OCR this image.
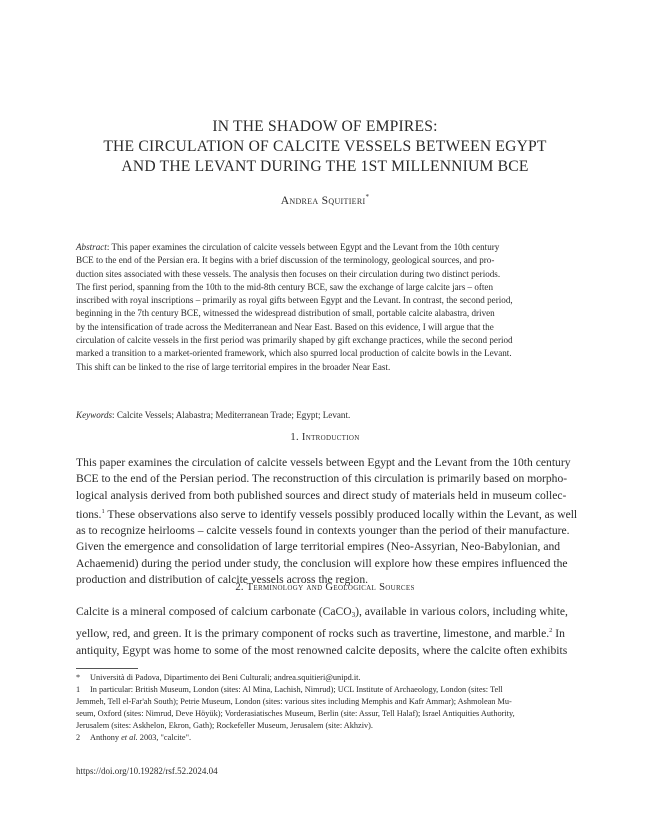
IN THE SHADOW OF EMPIRES:
THE CIRCULATION OF CALCITE VESSELS BETWEEN EGYPT
AND THE LEVANT DURING THE 1ST MILLENNIUM BCE
Andrea Squitieri*
Abstract: This paper examines the circulation of calcite vessels between Egypt and the Levant from the 10th century
BCE to the end of the Persian era. It begins with a brief discussion of the terminology, geological sources, and pro-
duction sites associated with these vessels. The analysis then focuses on their circulation during two distinct periods.
The first period, spanning from the 10th to the mid-8th century BCE, saw the exchange of large calcite jars – often
inscribed with royal inscriptions – primarily as royal gifts between Egypt and the Levant. In contrast, the second period,
beginning in the 7th century BCE, witnessed the widespread distribution of small, portable calcite alabastra, driven
by the intensification of trade across the Mediterranean and Near East. Based on this evidence, I will argue that the
circulation of calcite vessels in the first period was primarily shaped by gift exchange practices, while the second period
marked a transition to a market-oriented framework, which also spurred local production of calcite bowls in the Levant.
This shift can be linked to the rise of large territorial empires in the broader Near East.
Keywords: Calcite Vessels; Alabastra; Mediterranean Trade; Egypt; Levant.
1. Introduction
This paper examines the circulation of calcite vessels between Egypt and the Levant from the 10th century
BCE to the end of the Persian period. The reconstruction of this circulation is primarily based on morpho-
logical analysis derived from both published sources and direct study of materials held in museum collec-
tions.$^1$ These observations also serve to identify vessels possibly produced locally within the Levant, as well
as to recognize heirlooms – calcite vessels found in contexts younger than the period of their manufacture.
Given the emergence and consolidation of large territorial empires (Neo-Assyrian, Neo-Babylonian, and
Achaemenid) during the period under study, the conclusion will explore how these empires influenced the
production and distribution of calcite vessels across the region.
2. Terminology and Geological Sources
Calcite is a mineral composed of calcium carbonate (CaCO$_3$), available in various colors, including white,
yellow, red, and green. It is the primary component of rocks such as travertine, limestone, and marble.$^2$ In
antiquity, Egypt was home to some of the most renowned calcite deposits, where the calcite often exhibits
* Università di Padova, Dipartimento dei Beni Culturali; andrea.squitieri@unipd.it.
1 In particular: British Museum, London (sites: Al Mina, Lachish, Nimrud); UCL Institute of Archaeology, London (sites: Tell
Jemmeh, Tell el-Far'ah South); Petrie Museum, London (sites: various sites including Memphis and Kafr Ammar); Ashmolean Mu-
seum, Oxford (sites: Nimrud, Deve Höyük); Vorderasiatisches Museum, Berlin (site: Assur, Tell Halaf); Israel Antiquities Authority,
Jerusalem (sites: Askhelon, Ekron, Gath); Rockefeller Museum, Jerusalem (site: Akhziv).
2 Anthony et al. 2003, "calcite".
https://doi.org/10.19282/rsf.52.2024.04
